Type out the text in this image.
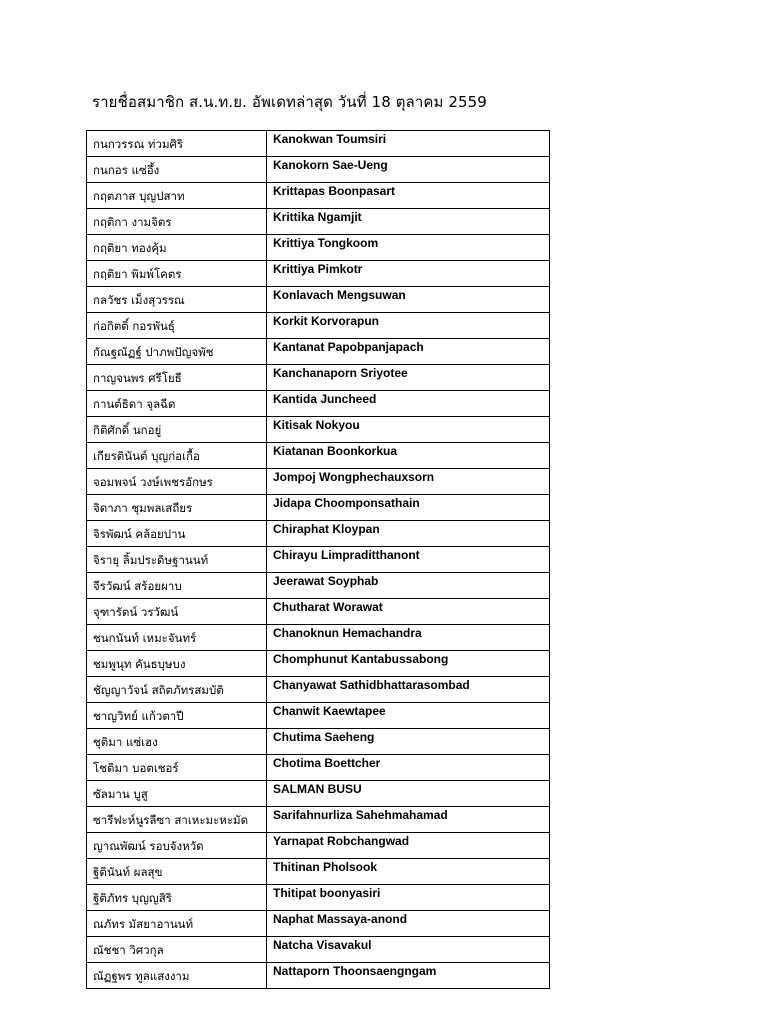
รายชื่อสมาชิก ส.น.ท.ย. อัพเดทล่าสุด วันที่ 18 ตุลาคม 2559
กนกวรรณ ท่วมศิริ	Kanokwan Toumsiri
กนกอร แซ่อึ้ง	Kanokorn Sae-Ueng
กฤตภาส บุญปสาท	Krittapas Boonpasart
กฤติกา งามจิตร	Krittika Ngamjit
กฤติยา ทองคุ้ม	Krittiya Tongkoom
กฤติยา พิมพ์โคตร	Krittiya Pimkotr
กลวัชร เม็งสุวรรณ	Konlavach Mengsuwan
ก่อกิตติ์ กอรพันธุ์	Korkit Korvorapun
กัณฐณัฏฐ์ ปาภพปัญจพัช	Kantanat Papobpanjapach
กาญจนพร ศรีโยธี	Kanchanaporn Sriyotee
กานต์ธิดา จุลฉีด	Kantida Juncheed
กิติศักดิ์ นกอยู่	Kitisak Nokyou
เกียรตินันต์ บุญก่อเกื้อ	Kiatanan Boonkorkua
จอมพจน์ วงษ์เพชรอักษร	Jompoj Wongphechauxsorn
จิดาภา ชุมพลเสถียร	Jidapa Choomponsathain
จิรพัฒน์ คล้อยปาน	Chiraphat Kloypan
จิรายุ ลิ้มประดิษฐานนท์	Chirayu Limpraditthanont
จีรวัฒน์ สร้อยผาบ	Jeerawat Soyphab
จุฑารัตน์ วรวัฒน์	Chutharat Worawat
ชนกนันท์ เหมะจันทร์	Chanoknun Hemachandra
ชมพูนุท คันธบุษบง	Chomphunut Kantabussabong
ชัญญาวัจน์ สถิตภัทรสมบัติ	Chanyawat Sathidbhattarasombad
ชาญวิทย์ แก้วตาปี	Chanwit Kaewtapee
ชุติมา แซ่เฮง	Chutima Saeheng
โชติมา บอตเชอร์	Chotima Boettcher
ซัลมาน บูสู	SALMAN BUSU
ซารีฟะห์นูรลีซา สาเหะมะหะมัด	Sarifahnurliza Sahehmahamad
ญาณพัฒน์ รอบจังหวัด	Yarnapat Robchangwad
ฐิตินันท์ ผลสุข	Thitinan Pholsook
ฐิติภัทร บุญญสิริ	Thitipat boonyasiri
ณภัทร มัสยาอานนท์	Naphat Massaya-anond
ณัชชา วิศวกุล	Natcha Visavakul
ณัฏฐพร ทูลแสงงาม	Nattaporn Thoonsaengngam
